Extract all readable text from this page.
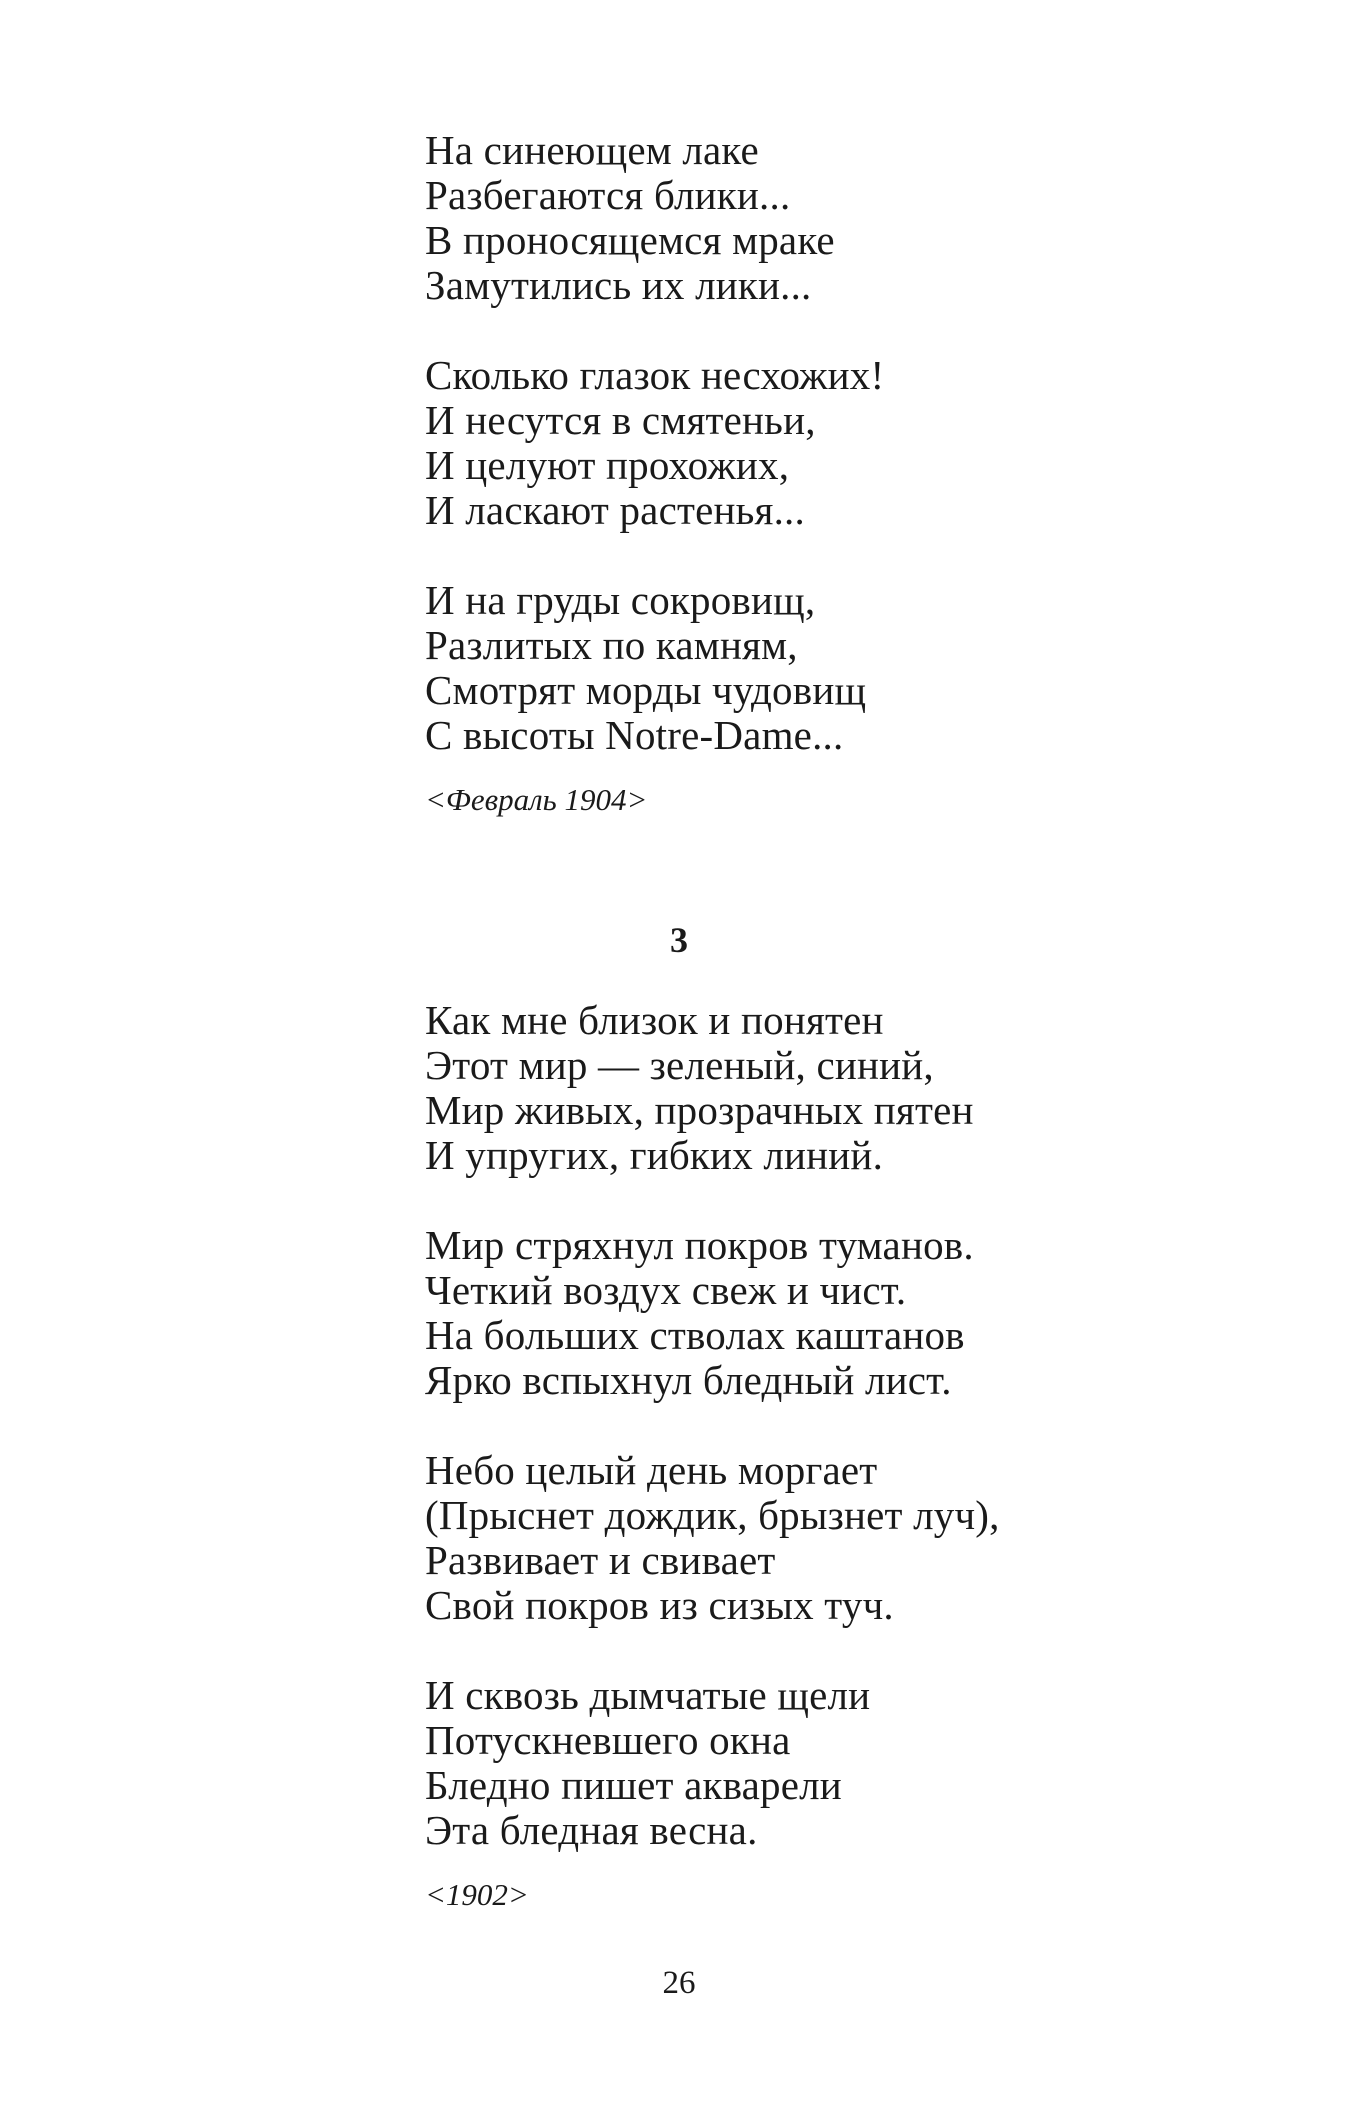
На синеющем лаке
Разбегаются блики...
В проносящемся мраке
Замутились их лики...
Сколько глазок несхожих!
И несутся в смятеньи,
И целуют прохожих,
И ласкают растенья...
И на груды сокровищ,
Разлитых по камням,
Смотрят морды чудовищ
С высоты Notre-Dame...
<Февраль 1904>
3
Как мне близок и понятен
Этот мир — зеленый, синий,
Мир живых, прозрачных пятен
И упругих, гибких линий.
Мир стряхнул покров туманов.
Четкий воздух свеж и чист.
На больших стволах каштанов
Ярко вспыхнул бледный лист.
Небо целый день моргает
(Прыснет дождик, брызнет луч),
Развивает и свивает
Свой покров из сизых туч.
И сквозь дымчатые щели
Потускневшего окна
Бледно пишет акварели
Эта бледная весна.
<1902>
26
